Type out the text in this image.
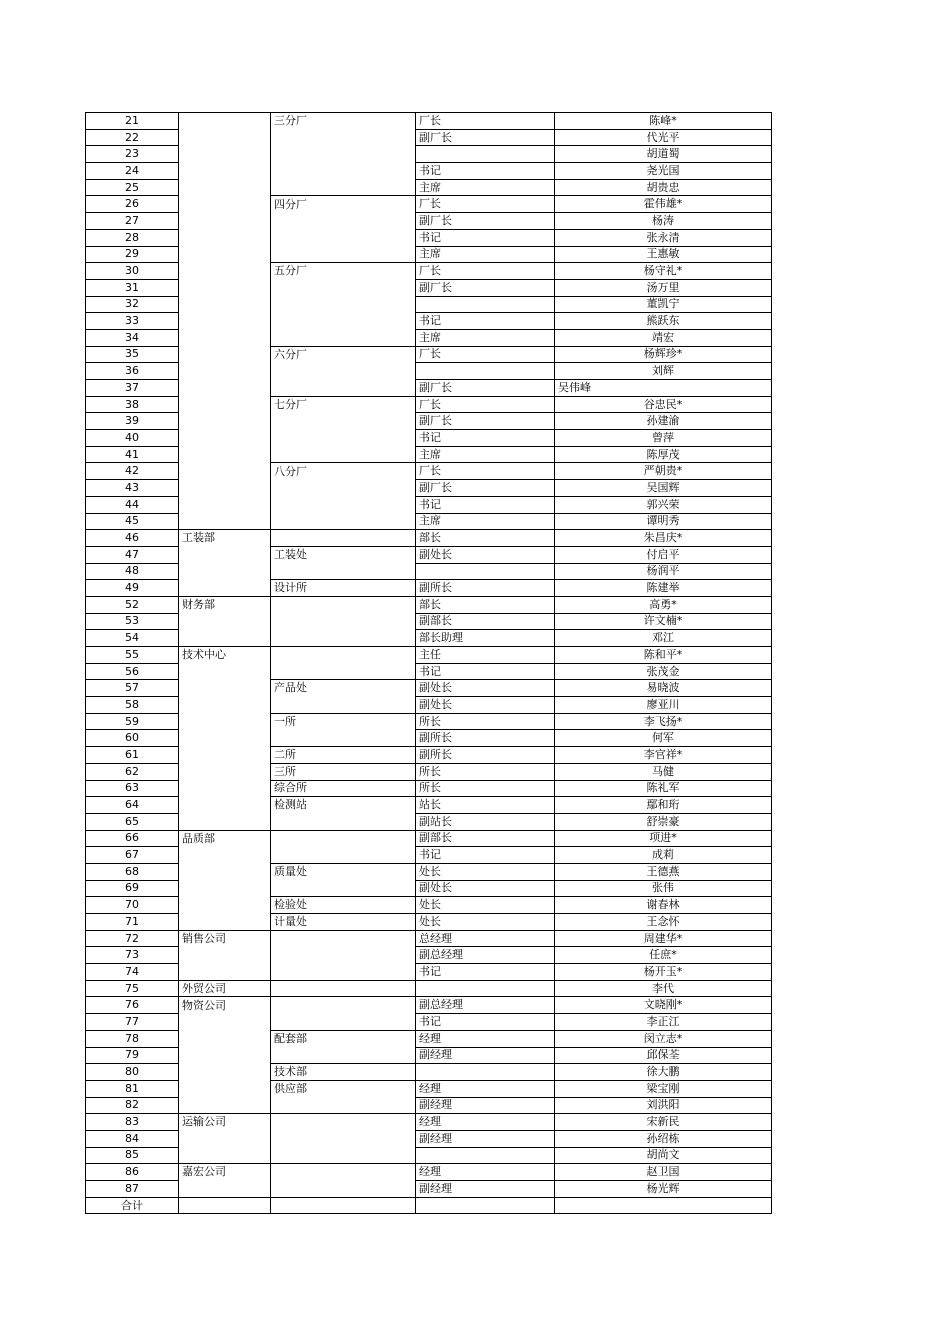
21		三分厂	厂长	陈峰*
22			副厂长	代光平
23				胡道蜀
24			书记	尧光国
25			主席	胡贵忠
26		四分厂	厂长	霍伟雄*
27			副厂长	杨涛
28			书记	张永清
29			主席	王惠敏
30		五分厂	厂长	杨守礼*
31			副厂长	汤万里
32				董凯宁
33			书记	熊跃东
34			主席	靖宏
35		六分厂	厂长	杨辉珍*
36				刘辉
37			副厂长	吴伟峰
38		七分厂	厂长	谷忠民*
39			副厂长	孙建渝
40			书记	曾萍
41			主席	陈厚茂
42		八分厂	厂长	严朝贵*
43			副厂长	吴国辉
44			书记	郭兴荣
45			主席	谭明秀
46	工装部		部长	朱昌庆*
47		工装处	副处长	付启平
48				杨润平
49		设计所	副所长	陈建举
52	财务部		部长	高勇*
53			副部长	许文楠*
54			部长助理	邓江
55	技术中心		主任	陈和平*
56			书记	张茂金
57		产品处	副处长	易晓波
58			副处长	廖亚川
59		一所	所长	李飞扬*
60			副所长	何军
61		二所	副所长	李官祥*
62		三所	所长	马健
63		综合所	所长	陈礼军
64		检测站	站长	鄢和珩
65			副站长	舒崇豪
66	品质部		副部长	项进*
67			书记	成莉
68		质量处	处长	王德燕
69			副处长	张伟
70		检验处	处长	谢春林
71		计量处	处长	王念怀
72	销售公司		总经理	周建华*
73			副总经理	任庶*
74			书记	杨开玉*
75	外贸公司			李代
76	物资公司		副总经理	文晓刚*
77			书记	李正江
78		配套部	经理	闵立志*
79			副经理	邱保荃
80		技术部		徐大鹏
81		供应部	经理	梁宝刚
82			副经理	刘洪阳
83	运输公司		经理	宋新民
84			副经理	孙绍栋
85				胡尚文
86	嘉宏公司		经理	赵卫国
87			副经理	杨光辉
合计				
